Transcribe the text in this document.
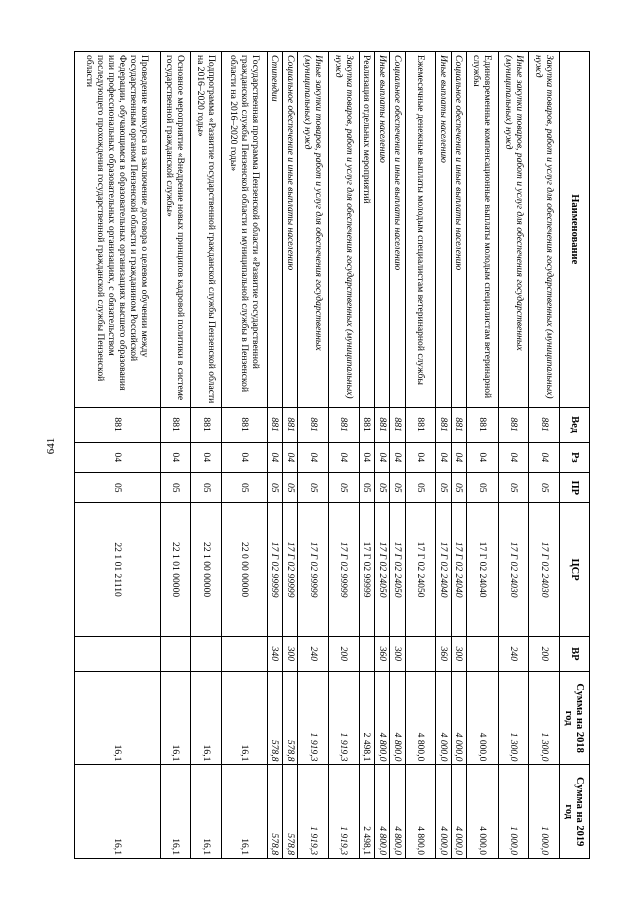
641
Наименование	Вед	Рз	ПР	ЦСР	ВР	Сумма на 2018 год	Сумма на 2019 год
Закупка товаров, работ и услуг для обеспечения государственных (муниципальных) нужд	881	04	05	17 Г 02 24030	200	1 300,0	1 000,0
Иные закупки товаров, работ и услуг для обеспечения государственных (муниципальных) нужд	881	04	05	17 Г 02 24030	240	1 300,0	1 000,0
Единовременные компенсационные выплаты молодым специалистам ветеринарной службы	881	04	05	17 Г 02 24040		4 000,0	4 000,0
Социальное обеспечение и иные выплаты населению	881	04	05	17 Г 02 24040	300	4 000,0	4 000,0
Иные выплаты населению	881	04	05	17 Г 02 24040	360	4 000,0	4 000,0
Ежемесячные денежные выплаты молодым специалистам ветеринарной службы	881	04	05	17 Г 02 24050		4 800,0	4 800,0
Социальное обеспечение и иные выплаты населению	881	04	05	17 Г 02 24050	300	4 800,0	4 800,0
Иные выплаты населению	881	04	05	17 Г 02 24050	360	4 800,0	4 800,0
Реализация отдельных мероприятий	881	04	05	17 Г 02 99999		2 498,1	2 498,1
Закупка товаров, работ и услуг для обеспечения государственных (муниципальных) нужд	881	04	05	17 Г 02 99999	200	1 919,3	1 919,3
Иные закупки товаров, работ и услуг для обеспечения государственных (муниципальных) нужд	881	04	05	17 Г 02 99999	240	1 919,3	1 919,3
Социальное обеспечение и иные выплаты населению	881	04	05	17 Г 02 99999	300	578,8	578,8
Стипендии	881	04	05	17 Г 02 99999	340	578,8	578,8
Государственная программа Пензенской области «Развитие государственной гражданской службы Пензенской области и муниципальной службы в Пензенской области на 2016–2020 годы»	881	04	05	22 0 00 00000		16,1	16,1
Подпрограмма «Развитие государственной гражданской службы Пензенской области на 2016–2020 годы»	881	04	05	22 1 00 00000		16,1	16,1
Основное мероприятие «Внедрение новых принципов кадровой политики в системе государственной гражданской службы»	881	04	05	22 1 01 00000		16,1	16,1
Проведение конкурса на заключение договора о целевом обучении между государственным органом Пензенской области и гражданином Российской Федерации, обучающимся в образовательных организациях высшего образования или профессиональных образовательных организациях, с обязательством последующего прохождения государственной гражданской службы Пензенской области	881	04	05	22 1 01 21110		16,1	16,1
